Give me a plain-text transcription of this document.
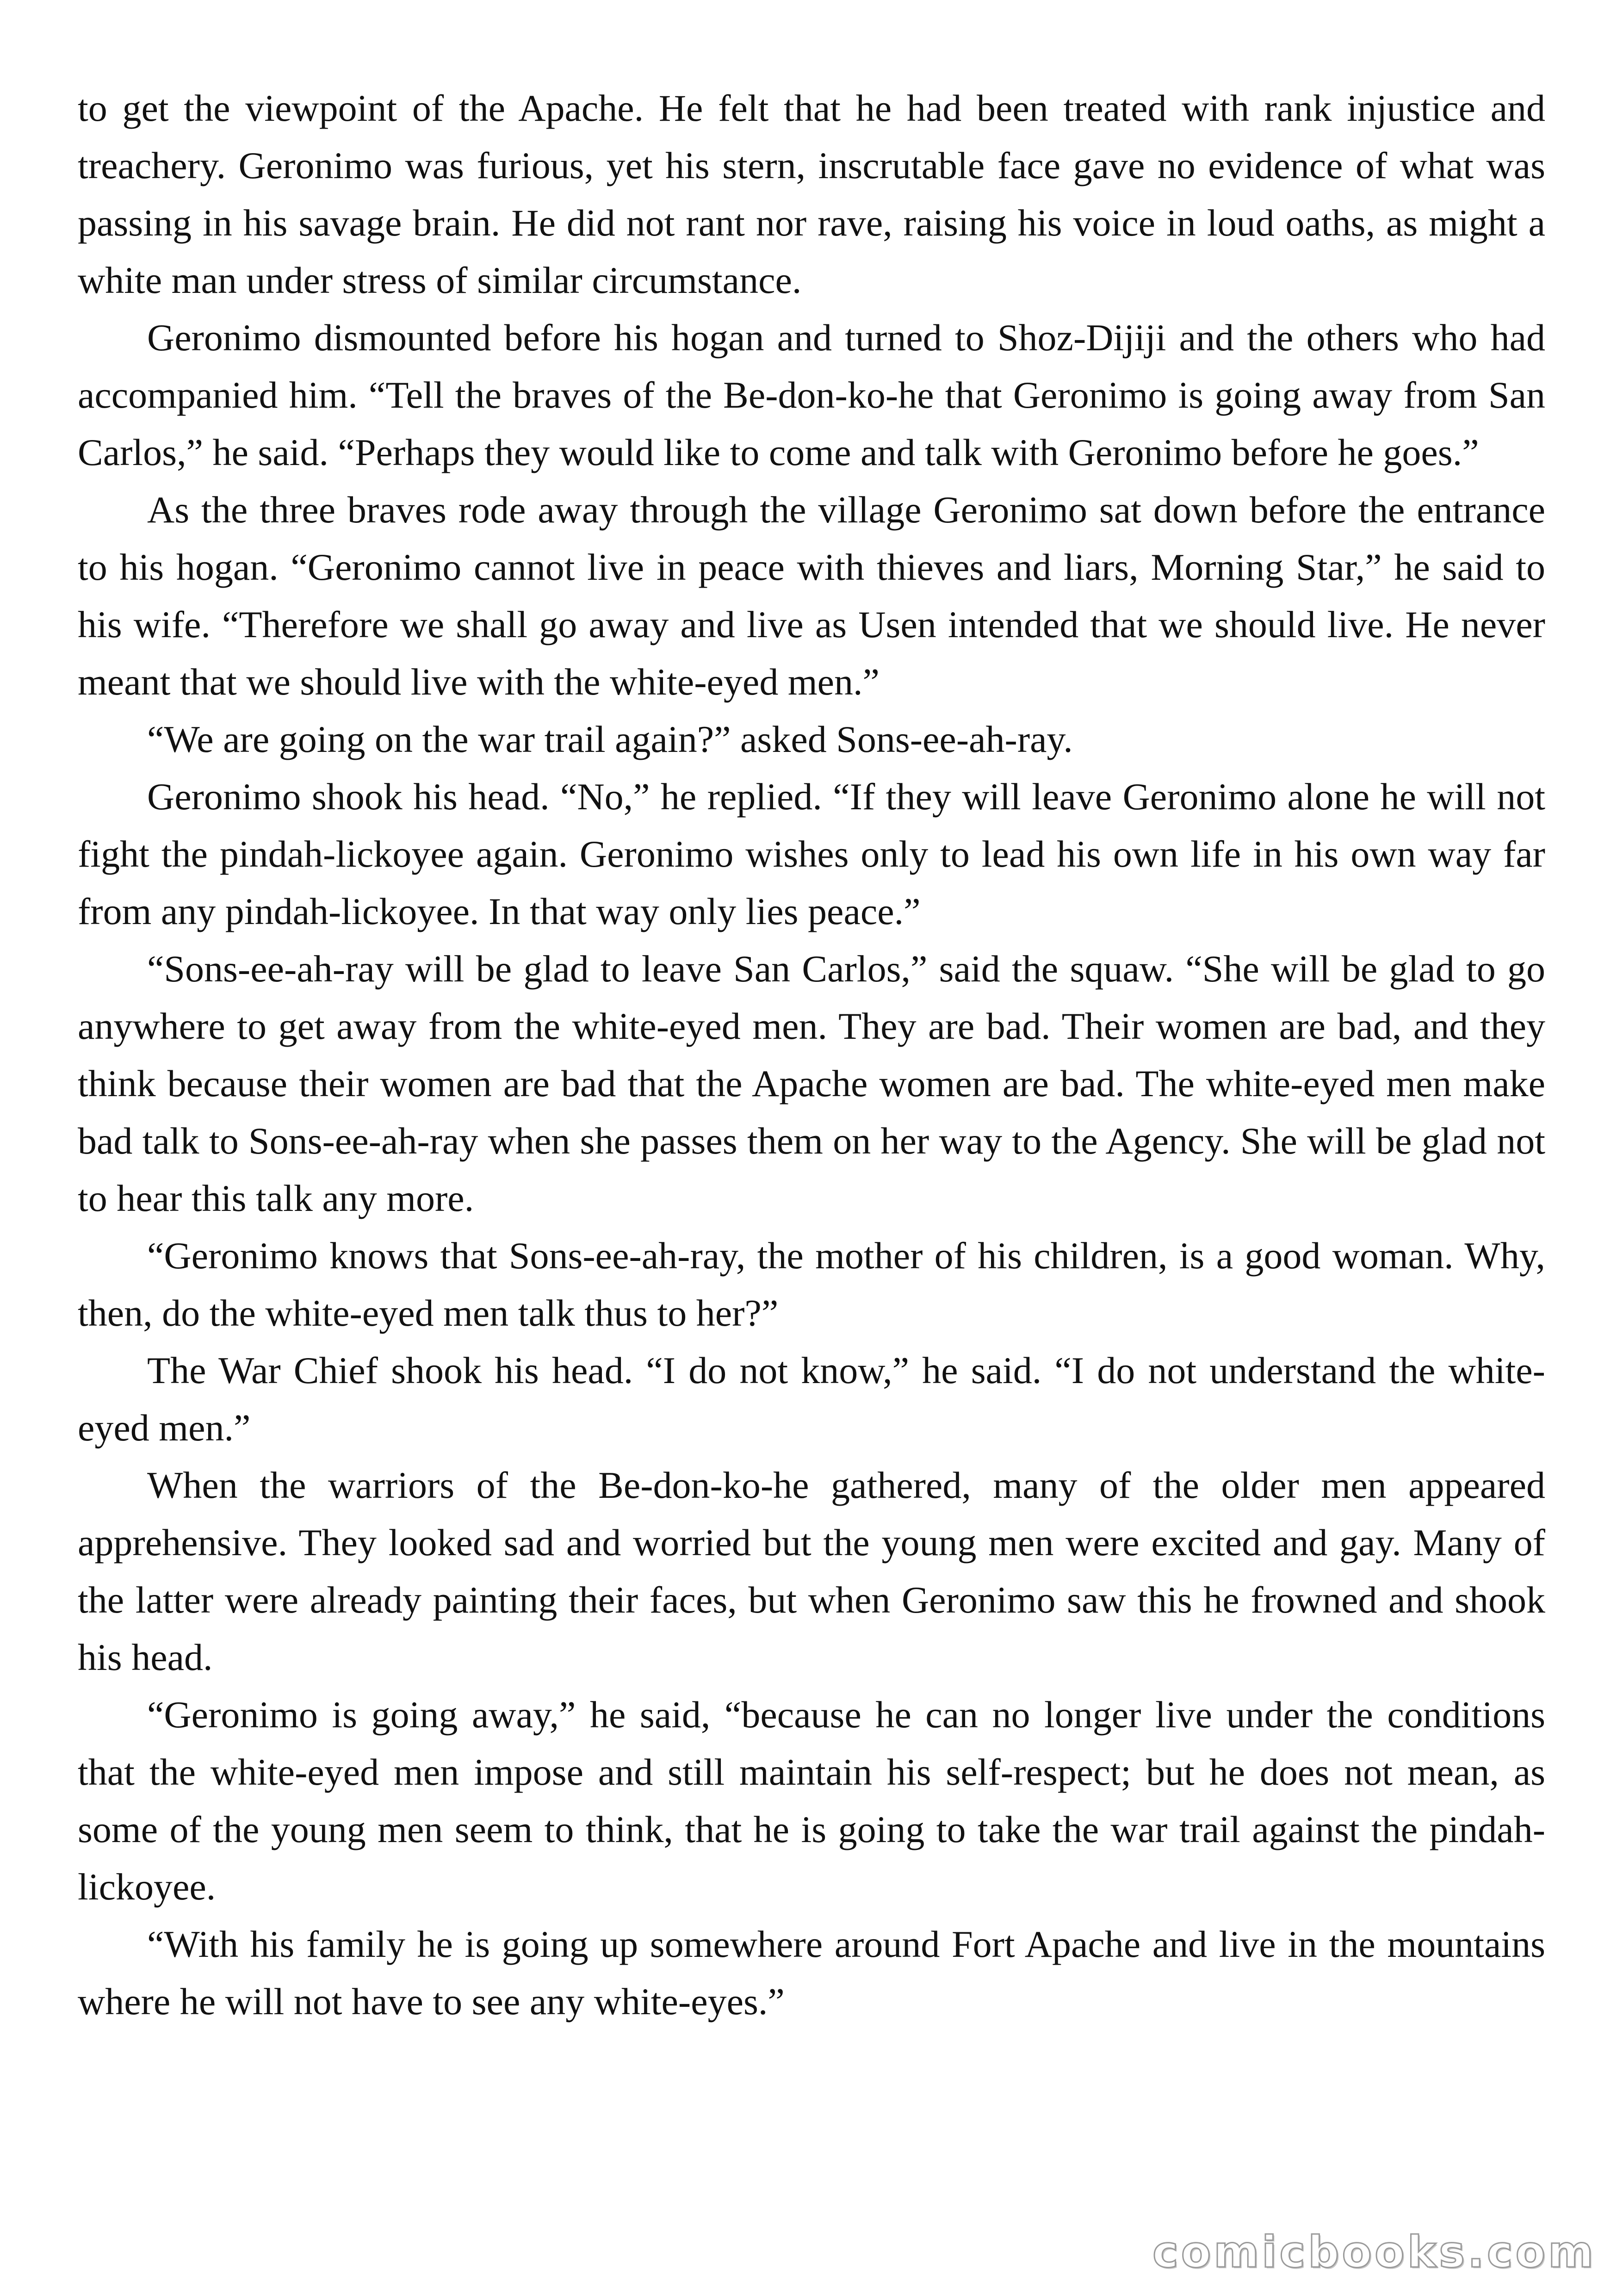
to get the viewpoint of the Apache. He felt that he had been treated with rank injustice and treachery. Geronimo was furious, yet his stern, inscrutable face gave no evidence of what was passing in his savage brain. He did not rant nor rave, raising his voice in loud oaths, as might a white man under stress of similar circumstance.

Geronimo dismounted before his hogan and turned to Shoz-Dijiji and the others who had accompanied him. “Tell the braves of the Be-don-ko-he that Geronimo is going away from San Carlos,” he said. “Perhaps they would like to come and talk with Geronimo before he goes.”

As the three braves rode away through the village Geronimo sat down before the entrance to his hogan. “Geronimo cannot live in peace with thieves and liars, Morning Star,” he said to his wife. “Therefore we shall go away and live as Usen intended that we should live. He never meant that we should live with the white-eyed men.”

“We are going on the war trail again?” asked Sons-ee-ah-ray.

Geronimo shook his head. “No,” he replied. “If they will leave Geronimo alone he will not fight the pindah-lickoyee again. Geronimo wishes only to lead his own life in his own way far from any pindah-lickoyee. In that way only lies peace.”

“Sons-ee-ah-ray will be glad to leave San Carlos,” said the squaw. “She will be glad to go anywhere to get away from the white-eyed men. They are bad. Their women are bad, and they think because their women are bad that the Apache women are bad. The white-eyed men make bad talk to Sons-ee-ah-ray when she passes them on her way to the Agency. She will be glad not to hear this talk any more.

“Geronimo knows that Sons-ee-ah-ray, the mother of his children, is a good woman. Why, then, do the white-eyed men talk thus to her?”

The War Chief shook his head. “I do not know,” he said. “I do not understand the white-eyed men.”

When the warriors of the Be-don-ko-he gathered, many of the older men appeared apprehensive. They looked sad and worried but the young men were excited and gay. Many of the latter were already painting their faces, but when Geronimo saw this he frowned and shook his head.

“Geronimo is going away,” he said, “because he can no longer live under the conditions that the white-eyed men impose and still maintain his self-respect; but he does not mean, as some of the young men seem to think, that he is going to take the war trail against the pindah-lickoyee.

“With his family he is going up somewhere around Fort Apache and live in the mountains where he will not have to see any white-eyes.”

comicbooks.com
